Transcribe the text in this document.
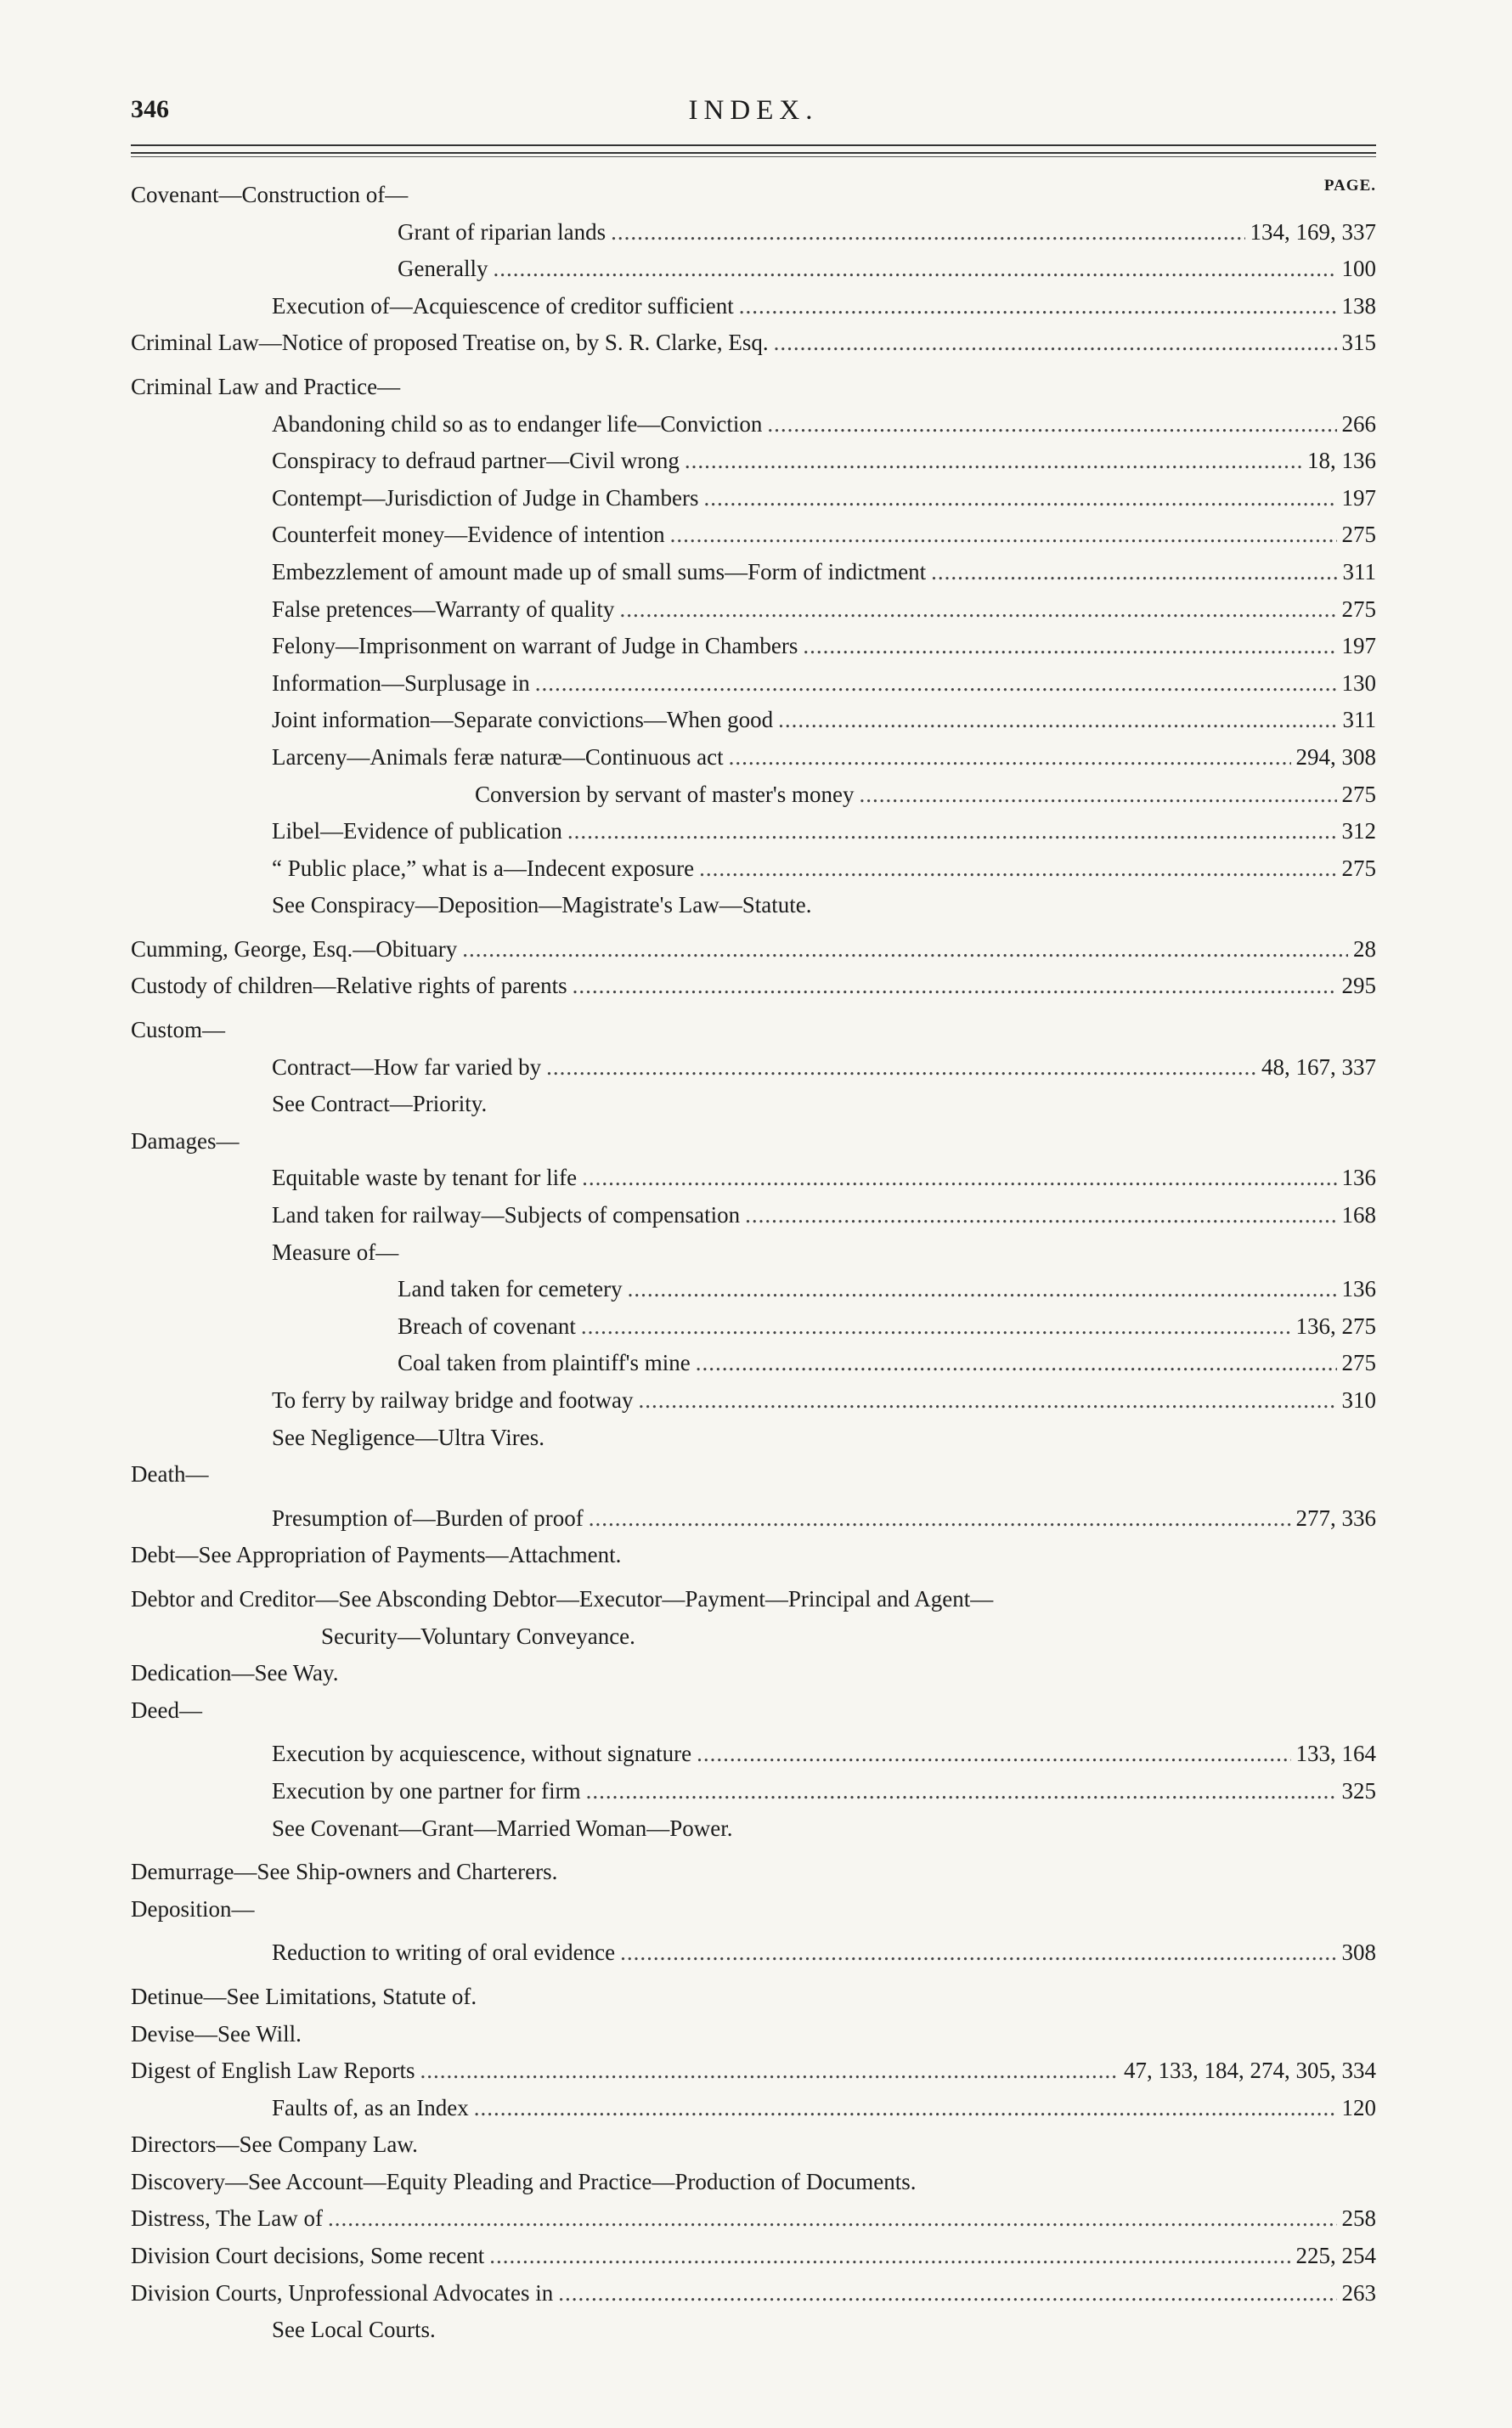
346	INDEX.
PAGE.
Covenant—Construction of—
Grant of riparian lands .....	134, 169, 337
Generally .....	100
Execution of—Acquiescence of creditor sufficient .....	138
Criminal Law—Notice of proposed Treatise on, by S. R. Clarke, Esq. .....	315
Criminal Law and Practice—
Abandoning child so as to endanger life—Conviction .....	266
Conspiracy to defraud partner—Civil wrong .....	18, 136
Contempt—Jurisdiction of Judge in Chambers .....	197
Counterfeit money—Evidence of intention .....	275
Embezzlement of amount made up of small sums—Form of indictment .....	311
False pretences—Warranty of quality .....	275
Felony—Imprisonment on warrant of Judge in Chambers .....	197
Information—Surplusage in .....	130
Joint information—Separate convictions—When good .....	311
Larceny—Animals feræ naturæ—Continuous act .....	294, 308
Conversion by servant of master's money .....	275
Libel—Evidence of publication .....	312
“ Public place,” what is a—Indecent exposure .....	275
See Conspiracy—Deposition—Magistrate's Law—Statute.
Cumming, George, Esq.—Obituary .....	28
Custody of children—Relative rights of parents .....	295
Custom—
Contract—How far varied by .....	48, 167, 337
See Contract—Priority.
Damages—
Equitable waste by tenant for life .....	136
Land taken for railway—Subjects of compensation .....	168
Measure of—
Land taken for cemetery .....	136
Breach of covenant .....	136, 275
Coal taken from plaintiff's mine .....	275
To ferry by railway bridge and footway .....	310
See Negligence—Ultra Vires.
Death—
Presumption of—Burden of proof .....	277, 336
Debt—See Appropriation of Payments—Attachment.
Debtor and Creditor—See Absconding Debtor—Executor—Payment—Principal and Agent—
Security—Voluntary Conveyance.
Dedication—See Way.
Deed—
Execution by acquiescence, without signature .....	133, 164
Execution by one partner for firm .....	325
See Covenant—Grant—Married Woman—Power.
Demurrage—See Ship-owners and Charterers.
Deposition—
Reduction to writing of oral evidence .....	308
Detinue—See Limitations, Statute of.
Devise—See Will.
Digest of English Law Reports .....	47, 133, 184, 274, 305, 334
Faults of, as an Index .....	120
Directors—See Company Law.
Discovery—See Account—Equity Pleading and Practice—Production of Documents.
Distress, The Law of .....	258
Division Court decisions, Some recent .....	225, 254
Division Courts, Unprofessional Advocates in .....	263
See Local Courts.
